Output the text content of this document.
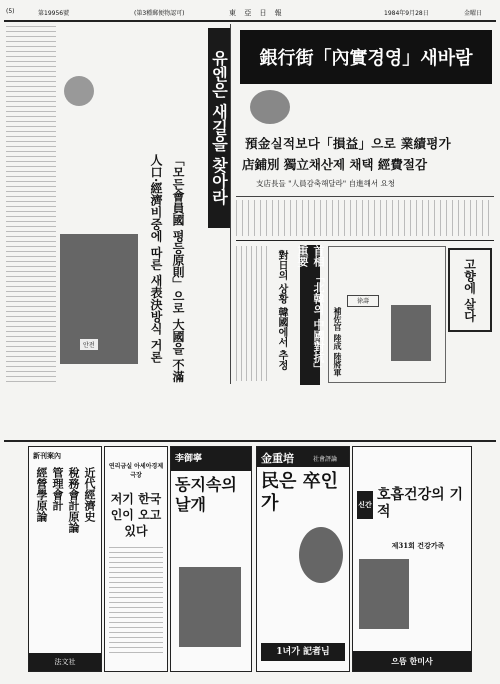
(5)	第19956號	(第3種郵便物認可)	東 亞 日 報	1984年9月28日	金曜日
유엔은 새길을 찾아라
「모든會員國 평등原則」으로 大國을 不滿
人口·經濟비중에 따른 새表決방식 거론
안전
銀行街「內實경영」새바람
預金실적보다「損益」으로 業績평가
店鋪別 獨立채산제 채택 經費절감
支店長들 "人員감축해달라" 自進해서 요청
首相 「北韓의 中國對抗」 重要
對日의 상황 韓國에서 추정	徐壽
補佐官 陸成 陸將軍
고향에 살다
新刊案內
近代經濟史
稅務會計原論
管理會計
經營學原論
法文社
연리금실 아세아경제극장
저기 한국인이 오고있다
李御寧
동지속의 날개
金重培	社會評論
民은 卒인가
1녀가 記者님
신간
호흡건강의 기적
제31회 건강가족
으뜸 한미사
